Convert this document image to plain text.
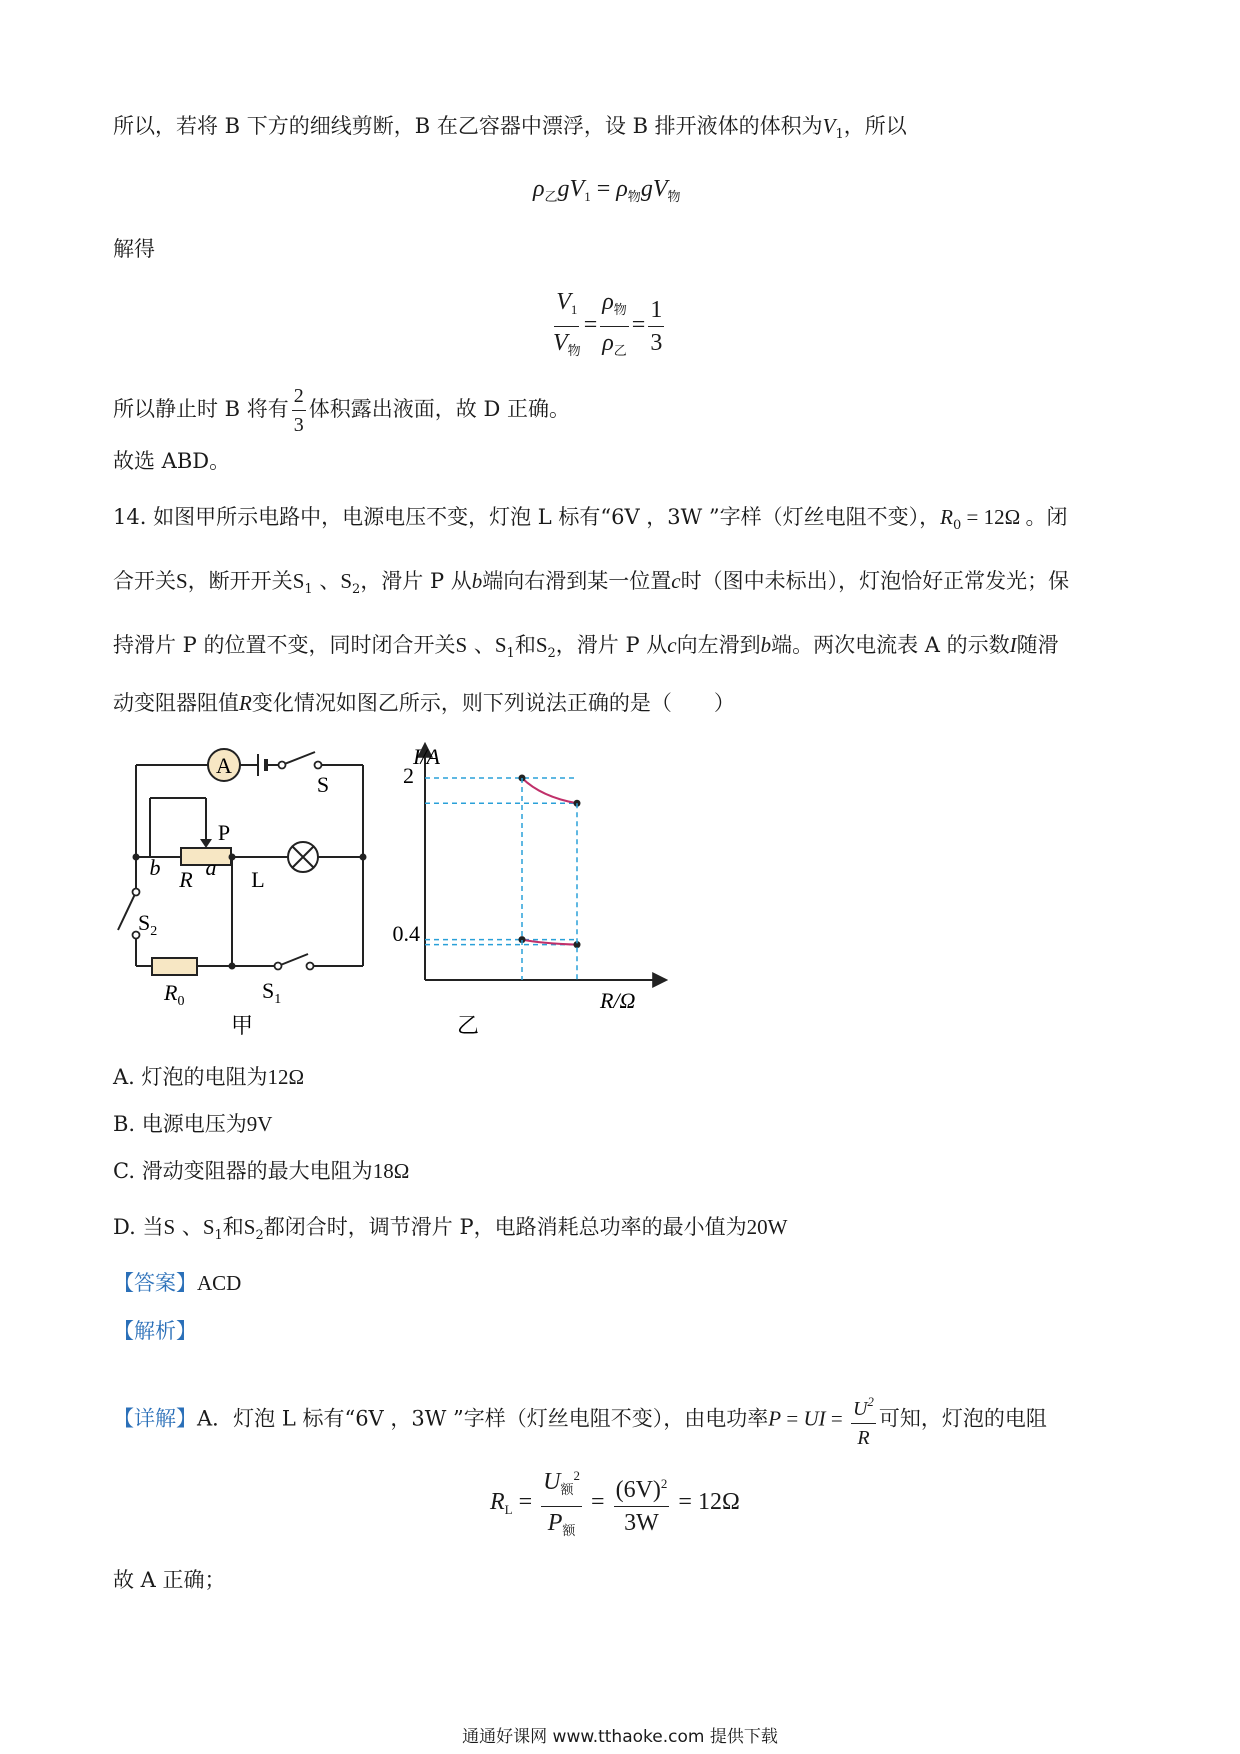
所以，若将 B 下方的细线剪断，B 在乙容器中漂浮，设 B 排开液体的体积为$V_1$，所以
$\rho_乙gV_1 = \rho_物gV_物$
解得
$\frac{V_1}{V_物} = \frac{\rho_物}{\rho_乙} = \frac{1}{3}$
所以静止时 B 将有 $\frac{2}{3}$ 体积露出液面，故 D 正确。
故选 ABD。
14. 如图甲所示电路中，电源电压不变，灯泡 L 标有“6V ，3W ”字样（灯丝电阻不变），$R_0 = 12\Omega$ 。闭
合开关S，断开开关$S_1$ 、$S_2$，滑片 P 从b端向右滑到某一位置c时（图中未标出），灯泡恰好正常发光；保
持滑片 P 的位置不变，同时闭合开关S 、$S_1$和$S_2$，滑片 P 从c向左滑到b端。两次电流表 A 的示数I随滑
动变阻器阻值R变化情况如图乙所示，则下列说法正确的是（　　）
A
S
P
b R a L
$S_2$
$R_0$	$S_1$
甲
I/A
R/Ω
2
0.4
乙
A. 灯泡的电阻为12Ω
B. 电源电压为9V
C. 滑动变阻器的最大电阻为18Ω
D. 当S 、$S_1$和$S_2$都闭合时，调节滑片 P，电路消耗总功率的最小值为20W
【答案】ACD
【解析】
【详解】A．灯泡 L 标有“6V ，3W ”字样（灯丝电阻不变），由电功率P = UI = $\frac{U^2}{R}$ 可知，灯泡的电阻
$R_L = \frac{U_额^2}{P_额} = \frac{(6V)^2}{3W} = 12\Omega$
故 A 正确；
通通好课网 www.tthaoke.com 提供下载
